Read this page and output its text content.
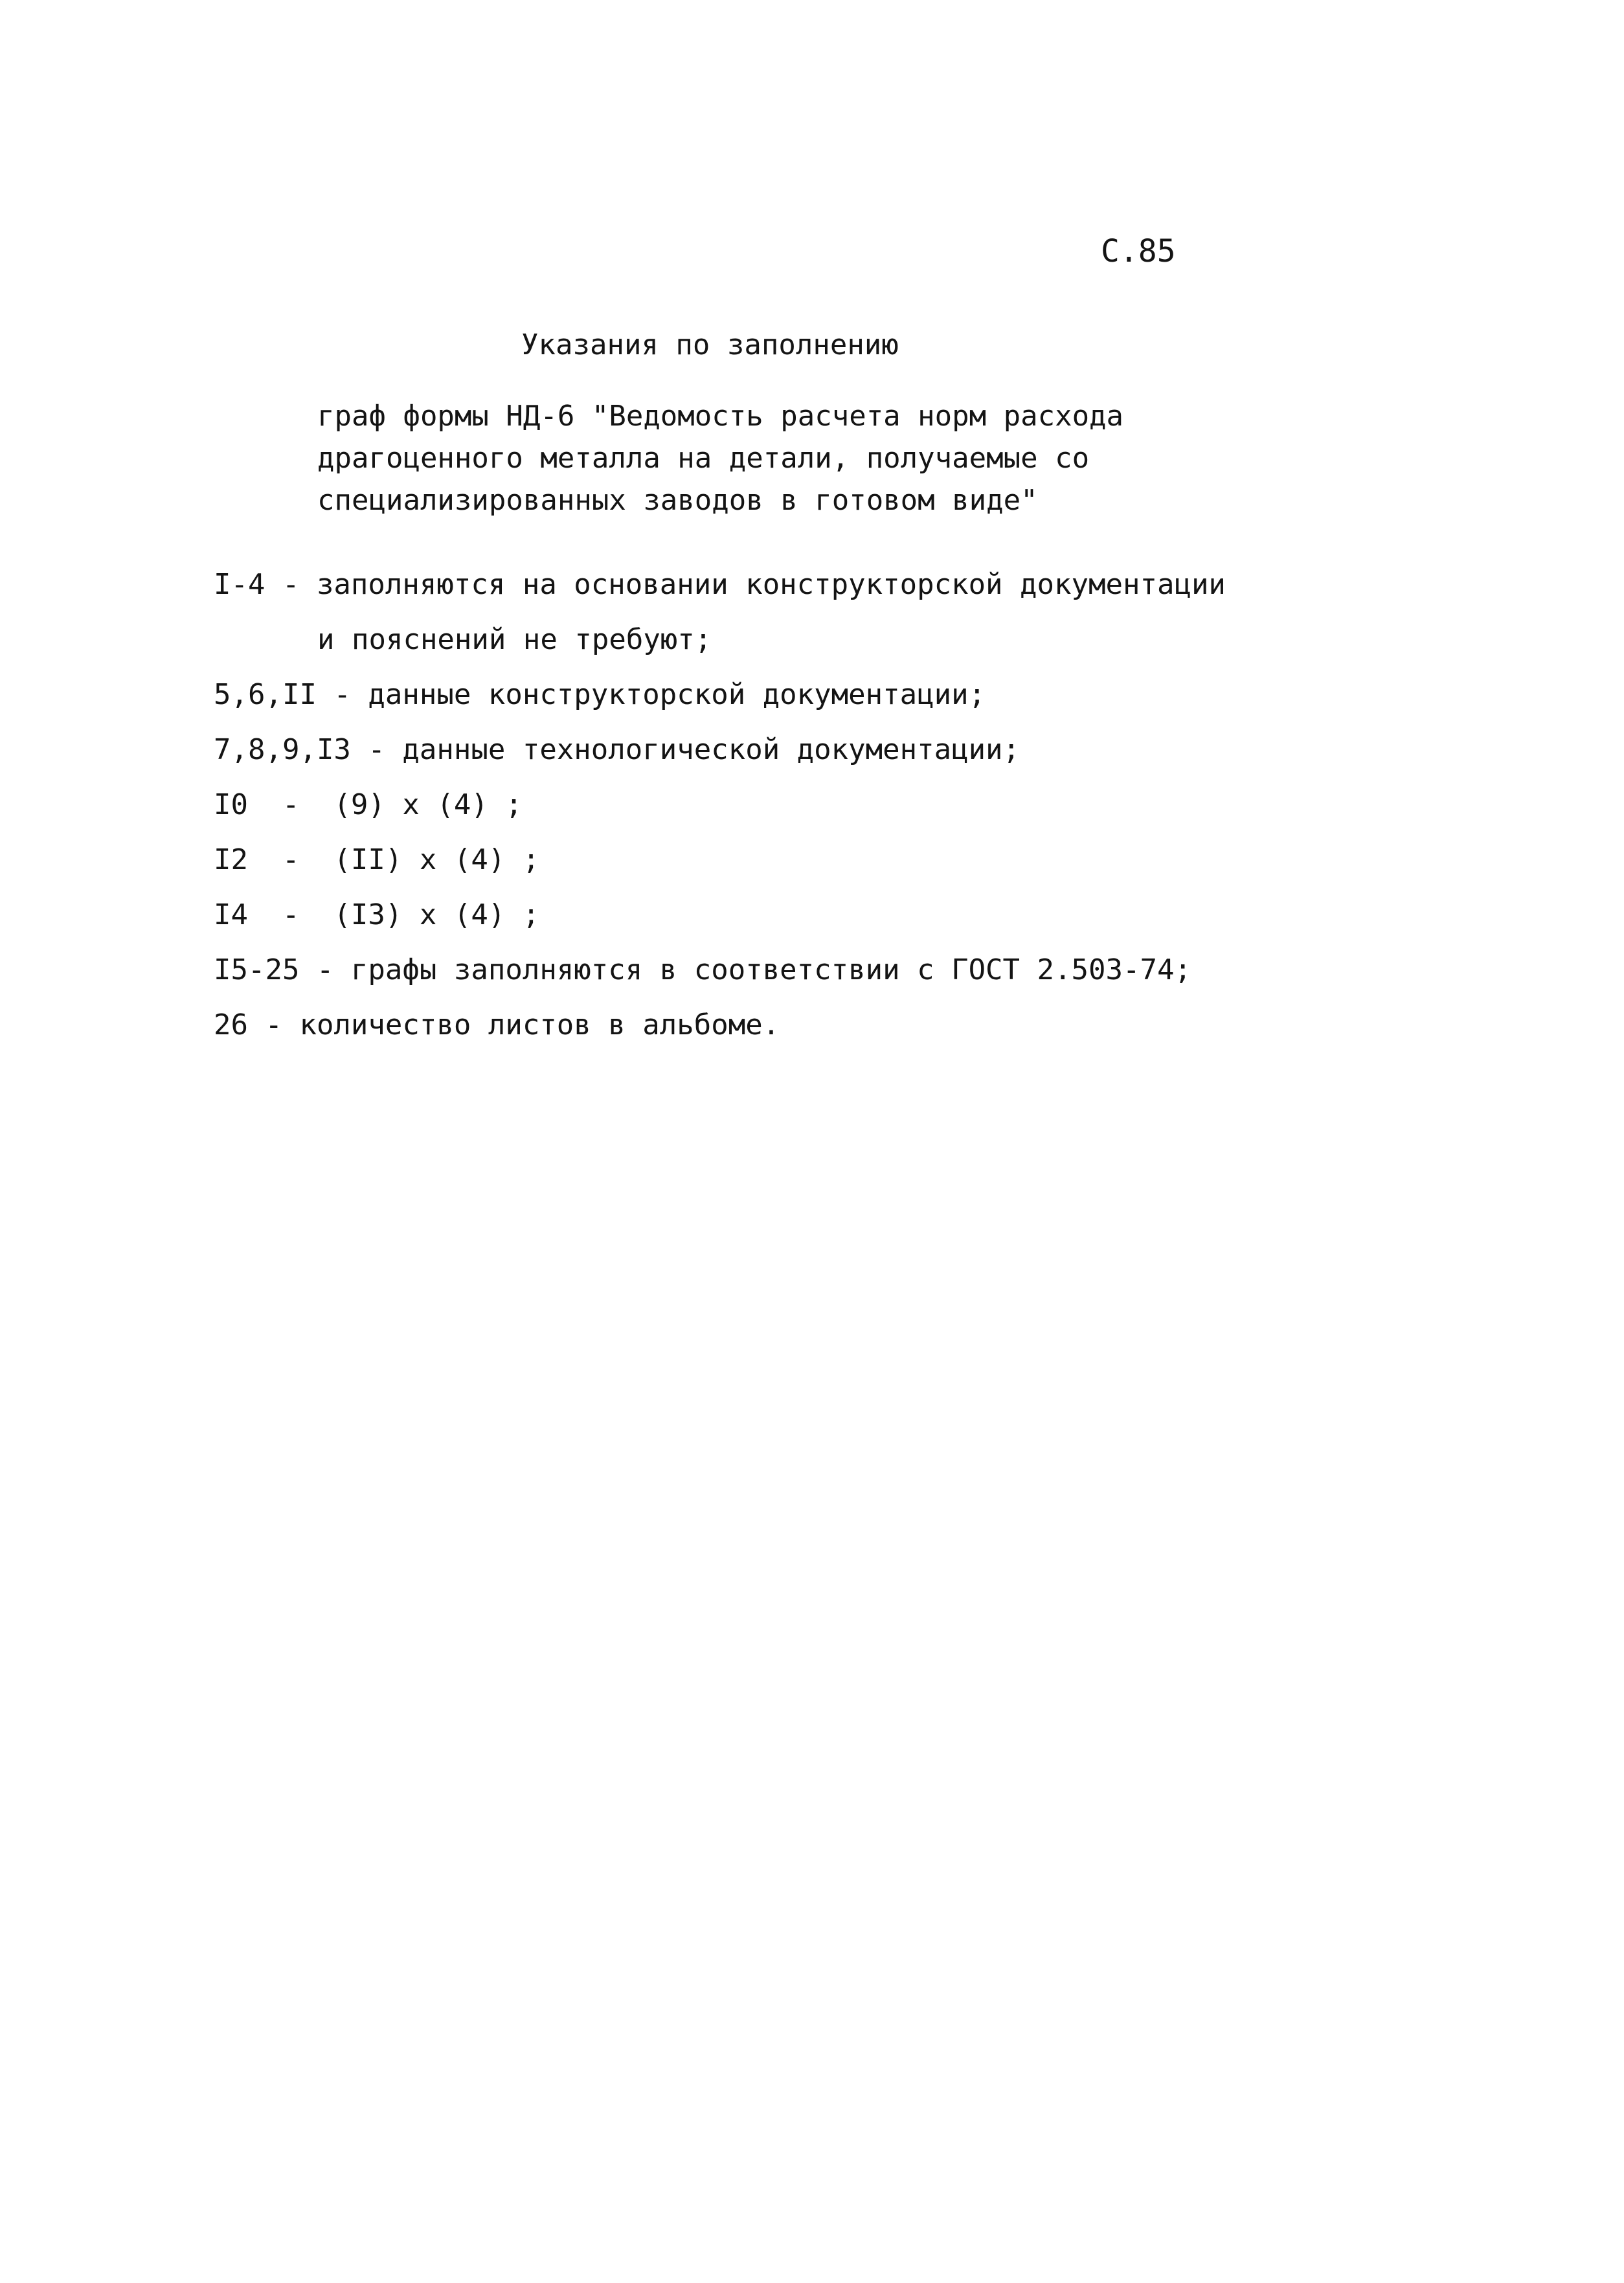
С.85
Указания по заполнению
граф формы НД-6 "Ведомость расчета норм расхода
драгоценного металла на детали, получаемые со
специализированных заводов в готовом виде"
I-4 - заполняются на основании конструкторской документации
и пояснений не требуют;
5,6,II - данные конструкторской документации;
7,8,9,I3 - данные технологической документации;
I0  -  (9) x (4) ;
I2  -  (II) x (4) ;
I4  -  (I3) x (4) ;
I5-25 - графы заполняются в соответствии с ГОСТ 2.503-74;
26 - количество листов в альбоме.
